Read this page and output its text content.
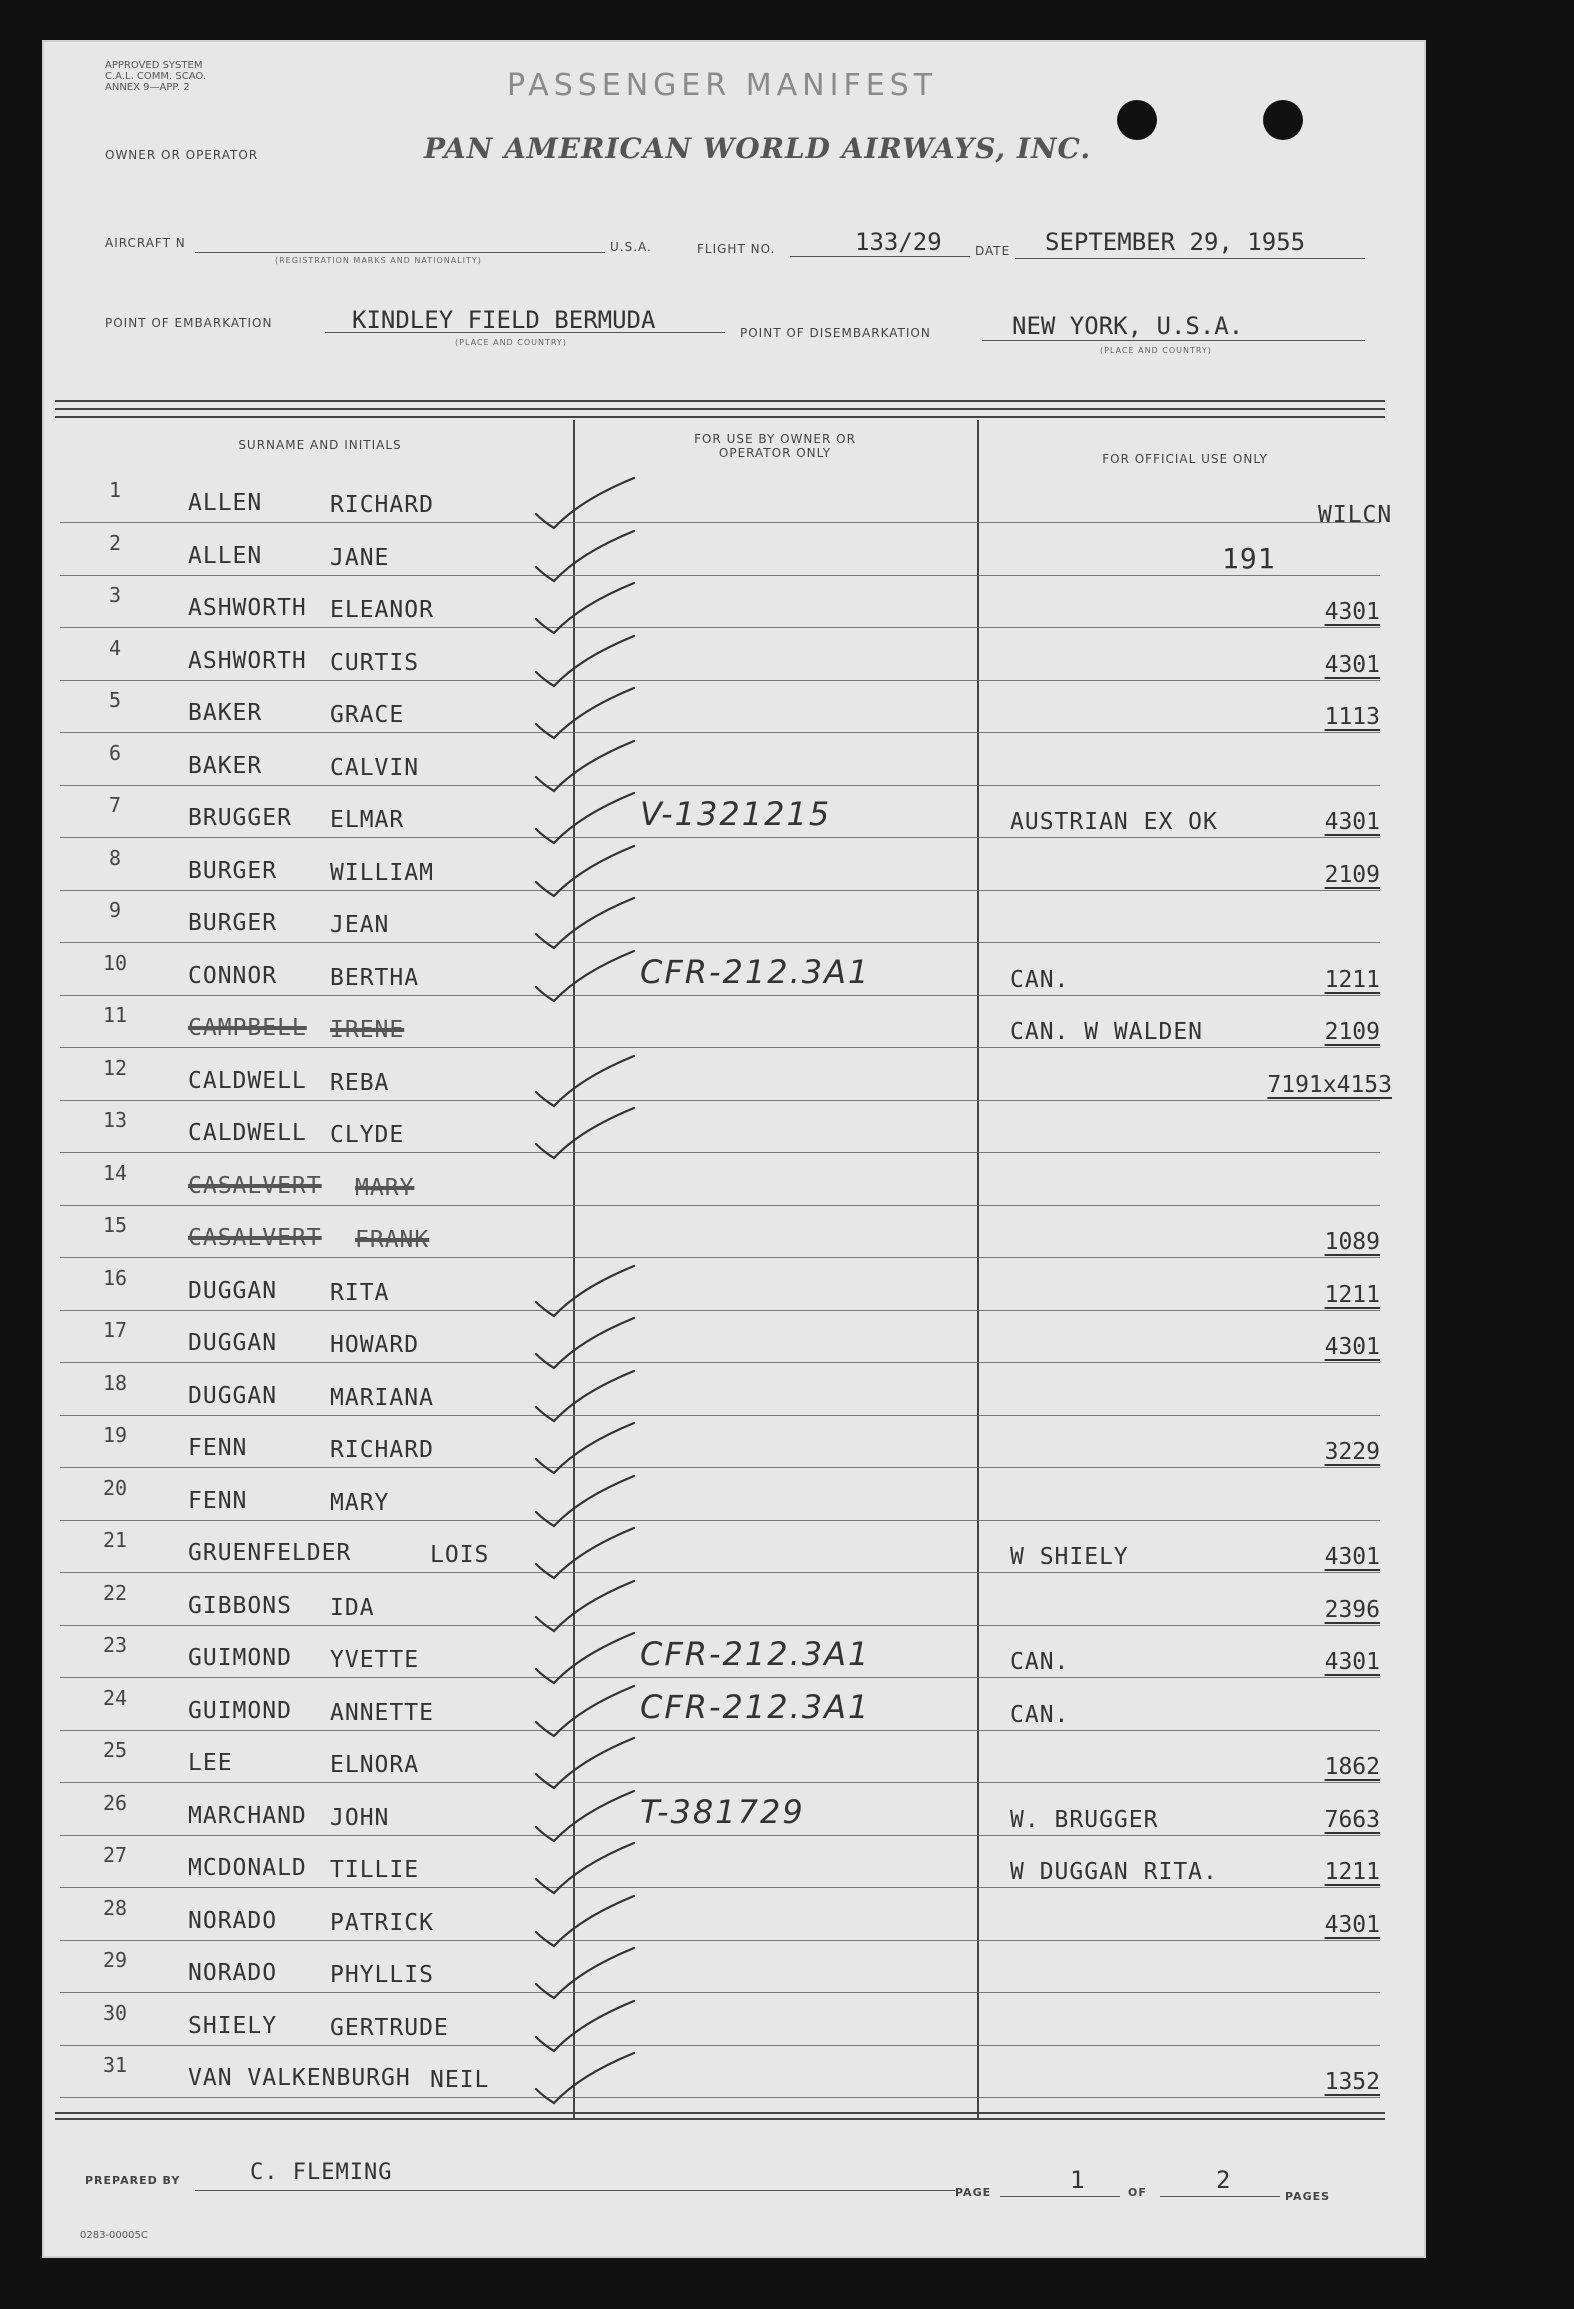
APPROVED SYSTEM C.A.L. COMM. SCAO. ANNEX 9—APP. 2	PASSENGER MANIFEST
OWNER OR OPERATOR	PAN AMERICAN WORLD AIRWAYS, INC.
AIRCRAFT N
(REGISTRATION MARKS AND NATIONALITY)
U.S.A.	FLIGHT NO.	133/29	DATE SEPTEMBER 29, 1955
POINT OF EMBARKATION	KINDLEY FIELD BERMUDA
(PLACE AND COUNTRY)
POINT OF DISEMBARKATION	NEW YORK, U.S.A.
(PLACE AND COUNTRY)
SURNAME AND INITIALS	FOR USE BY OWNER OR OPERATOR ONLY	FOR OFFICIAL USE ONLY
WILCN
191
1	ALLEN	RICHARD
2	ALLEN	JANE
3	ASHWORTH ELEANOR	4301
4	ASHWORTH CURTIS	4301
5	BAKER	GRACE	1113
6	BAKER	CALVIN
7	BRUGGER ELMAR	V-1321215	AUSTRIAN EX OK	4301
8	BURGER WILLIAM	2109
9	BURGER JEAN
10	CONNOR BERTHA	CFR-212.3A1	CAN.	1211
11	CAMPBELL IRENE	CAN. W WALDEN	2109
12	CALDWELL REBA	7191x4153
13	CALDWELL CLYDE
14	CASALVERT MARY
15	CASALVERT FRANK	1089
16	DUGGAN RITA	1211
17	DUGGAN HOWARD	4301
18	DUGGAN MARIANA
19	FENN	RICHARD	3229
20	FENN	MARY
21	GRUENFELDER	LOIS	W SHIELY	4301
22	GIBBONS IDA	2396
23	GUIMOND YVETTE	CFR-212.3A1	CAN.	4301
24	GUIMOND ANNETTE	CFR-212.3A1	CAN.
25	LEE	ELNORA	1862
26	MARCHAND JOHN	T-381729	W. BRUGGER	7663
27	MCDONALD TILLIE	W DUGGAN RITA.	1211
28	NORADO PATRICK	4301
29	NORADO PHYLLIS
30	SHIELY GERTRUDE
31	VAN VALKENBURGH NEIL	1352
PREPARED BY	C. FLEMING
PAGE	1	OF	2
PAGES
0283-00005C
